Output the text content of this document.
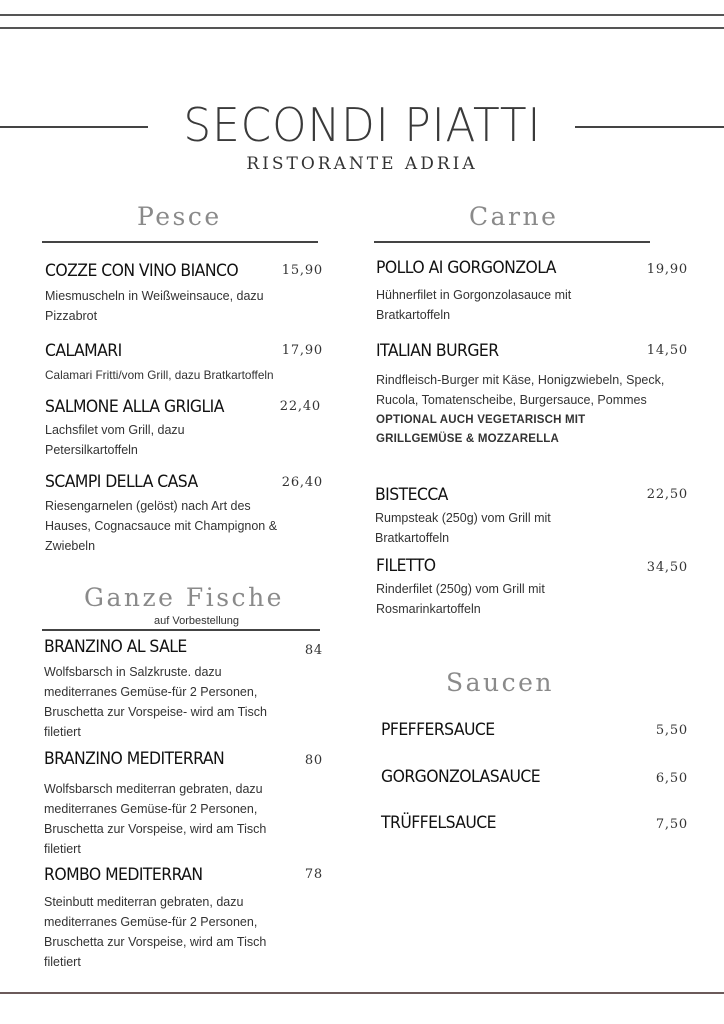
SECONDI PIATTI
RISTORANTE ADRIA
Pesce
COZZE CON VINO BIANCO
Miesmuscheln in Weißweinsauce, dazu Pizzabrot
15,90
CALAMARI
Calamari Fritti/vom Grill, dazu Bratkartoffeln
17,90
SALMONE ALLA GRIGLIA
Lachsfilet vom Grill, dazu Petersilkartoffeln
22,40
SCAMPI DELLA CASA
Riesengarnelen (gelöst) nach Art des Hauses, Cognacsauce mit Champignon & Zwiebeln
26,40
Ganze Fische
auf Vorbestellung
BRANZINO AL SALE
Wolfsbarsch in Salzkruste. dazu mediterranes Gemüse-für 2 Personen, Bruschetta zur Vorspeise- wird am Tisch filetiert
84
BRANZINO MEDITERRAN
Wolfsbarsch mediterran gebraten, dazu mediterranes Gemüse-für 2 Personen, Bruschetta zur Vorspeise, wird am Tisch filetiert
80
ROMBO MEDITERRAN
Steinbutt mediterran gebraten, dazu mediterranes Gemüse-für 2 Personen, Bruschetta zur Vorspeise, wird am Tisch filetiert
78
Carne
POLLO AI GORGONZOLA
Hühnerfilet in Gorgonzolasauce mit Bratkartoffeln
19,90
ITALIAN BURGER
Rindfleisch-Burger mit Käse, Honigzwiebeln, Speck, Rucola, Tomatenscheibe, Burgersauce, Pommes
OPTIONAL AUCH VEGETARISCH MIT GRILLGEMÜSE & MOZZARELLA
14,50
BISTECCA
Rumpsteak (250g) vom Grill mit Bratkartoffeln
22,50
FILETTO
Rinderfilet (250g) vom Grill mit Rosmarinkartoffeln
34,50
Saucen
PFEFFERSAUCE	5,50
GORGONZOLASAUCE	6,50
TRÜFFELSAUCE	7,50
